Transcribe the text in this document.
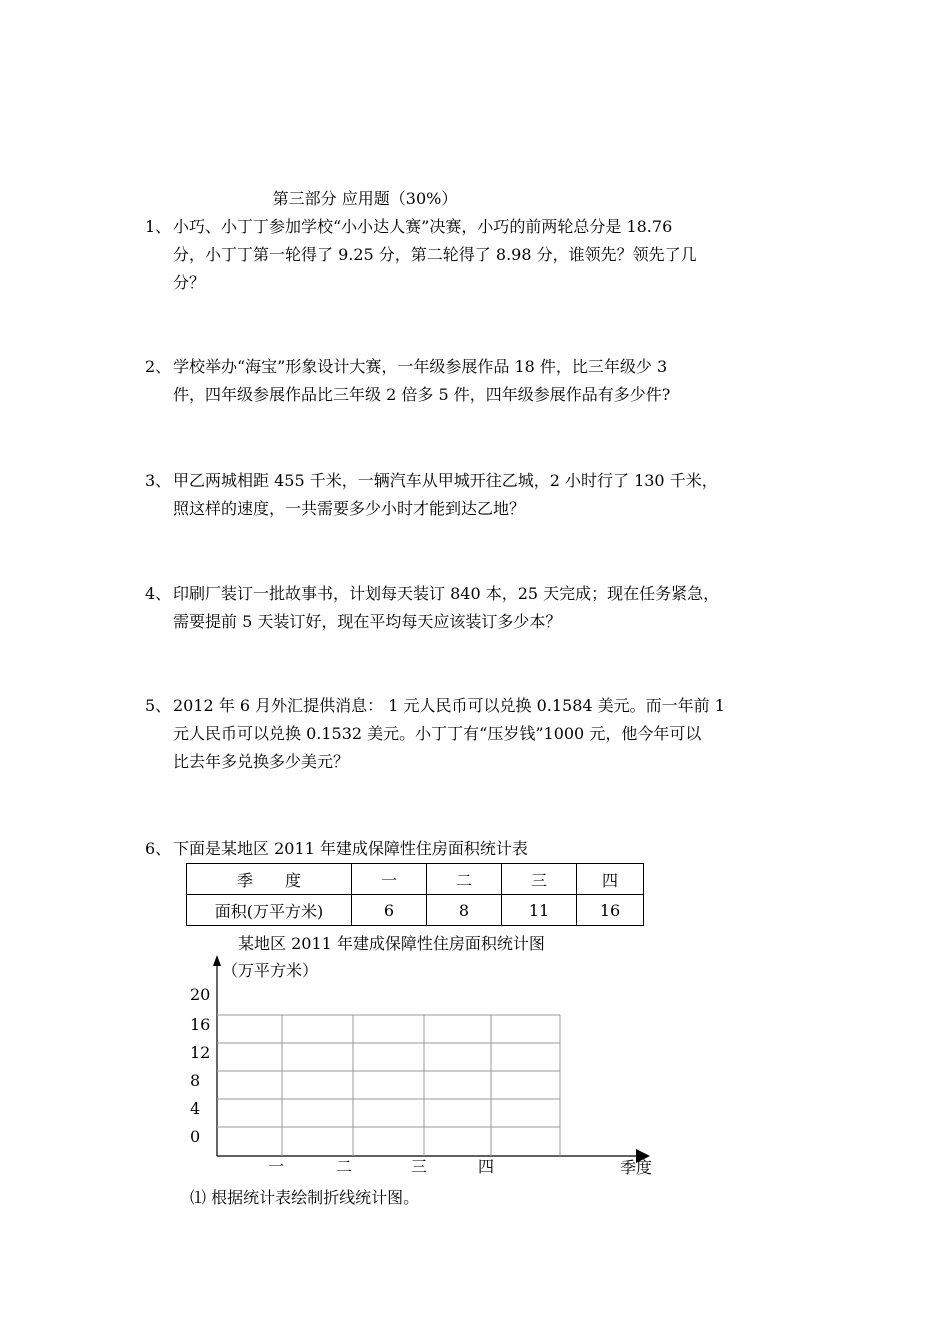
第三部分 应用题（30%）
1、 小巧、小丁丁参加学校“小小达人赛”决赛，小巧的前两轮总分是 18.76
分，小丁丁第一轮得了 9.25 分，第二轮得了 8.98 分，谁领先？领先了几
分？
2、 学校举办“海宝”形象设计大赛，一年级参展作品 18 件，比三年级少 3
件，四年级参展作品比三年级 2 倍多 5 件，四年级参展作品有多少件?
3、 甲乙两城相距 455 千米，一辆汽车从甲城开往乙城，2 小时行了 130 千米，
照这样的速度，一共需要多少小时才能到达乙地？
4、 印刷厂装订一批故事书，计划每天装订 840 本，25 天完成；现在任务紧急，
需要提前 5 天装订好，现在平均每天应该装订多少本？
5、 2012 年 6 月外汇提供消息： 1 元人民币可以兑换 0.1584 美元。而一年前 1
元人民币可以兑换 0.1532 美元。小丁丁有“压岁钱”1000 元，他今年可以
比去年多兑换多少美元？
6、 下面是某地区 2011 年建成保障性住房面积统计表
季　　度	一	二	三	四
面积(万平方米)	6	8	11	16
某地区 2011 年建成保障性住房面积统计图
（万平方米）
20
16
12
8
4
0
一	二	三	四	季度
⑴ 根据统计表绘制折线统计图。
